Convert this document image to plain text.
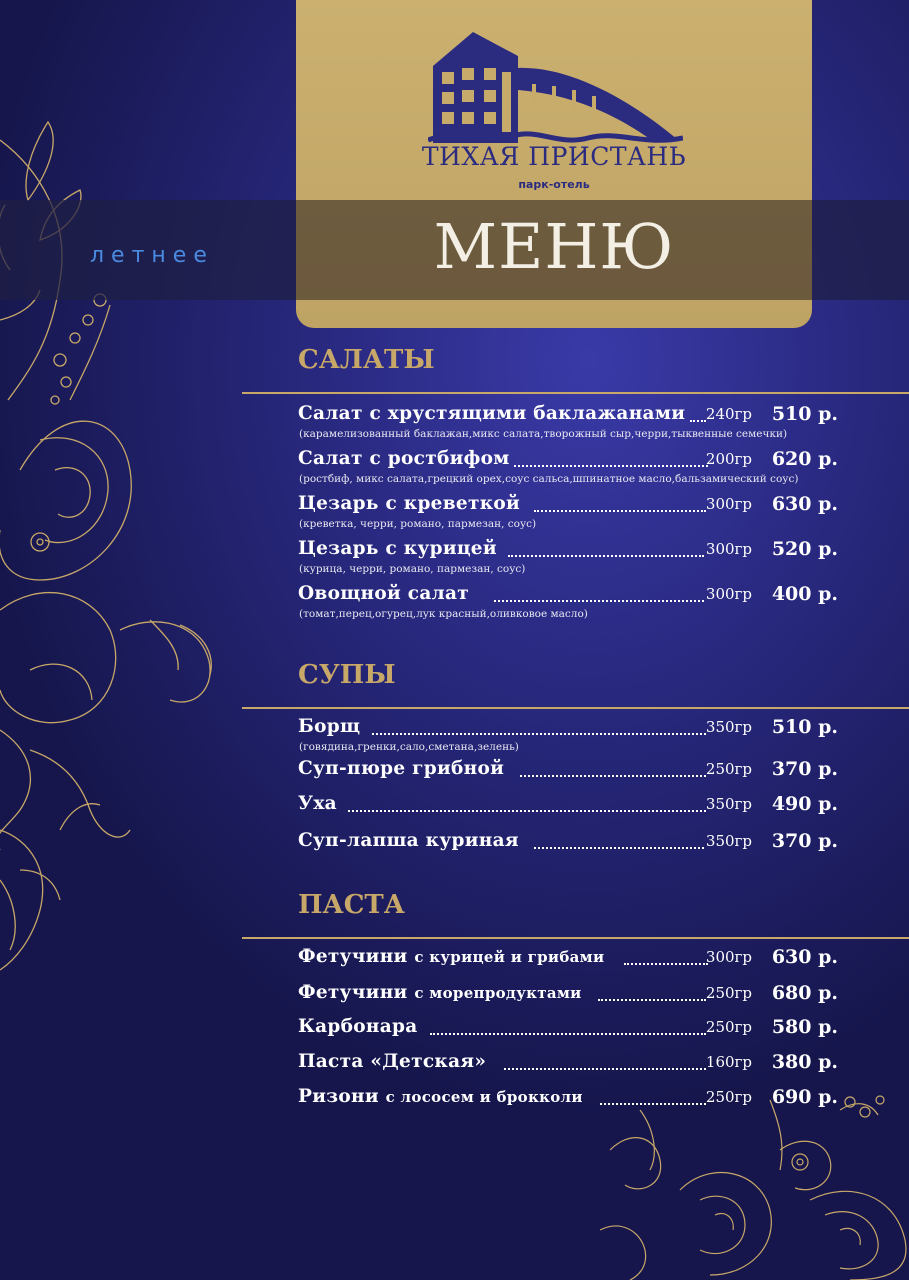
ТИХАЯ ПРИСТАНЬ
парк-отель
летнее	МЕНЮ
САЛАТЫ
Салат с хрустящими баклажанами 240гр 510 р.
(карамелизованный баклажан,микс салата,творожный сыр,черри,тыквенные семечки)
Салат с ростбифом	200гр 620 р.
(ростбиф, микс салата,грецкий орех,соус сальса,шпинатное масло,бальзамический соус)
Цезарь с креветкой	300гр 630 р.
(креветка, черри, романо, пармезан, соус)
Цезарь с курицей	300гр 520 р.
(курица, черри, романо, пармезан, соус)
Овощной салат	300гр 400 р.
(томат,перец,огурец,лук красный,оливковое масло)
СУПЫ
Борщ	350гр 510 р.
(говядина,гренки,сало,сметана,зелень)
Суп-пюре грибной	250гр 370 р.
Уха	350гр 490 р.
Суп-лапша куриная	350гр 370 р.
ПАСТА
Фетучини с курицей и грибами	300гр 630 р.
Фетучини с морепродуктами	250гр 680 р.
Карбонара	250гр 580 р.
Паста «Детская»	160гр 380 р.
Ризони с лососем и брокколи	250гр 690 р.
